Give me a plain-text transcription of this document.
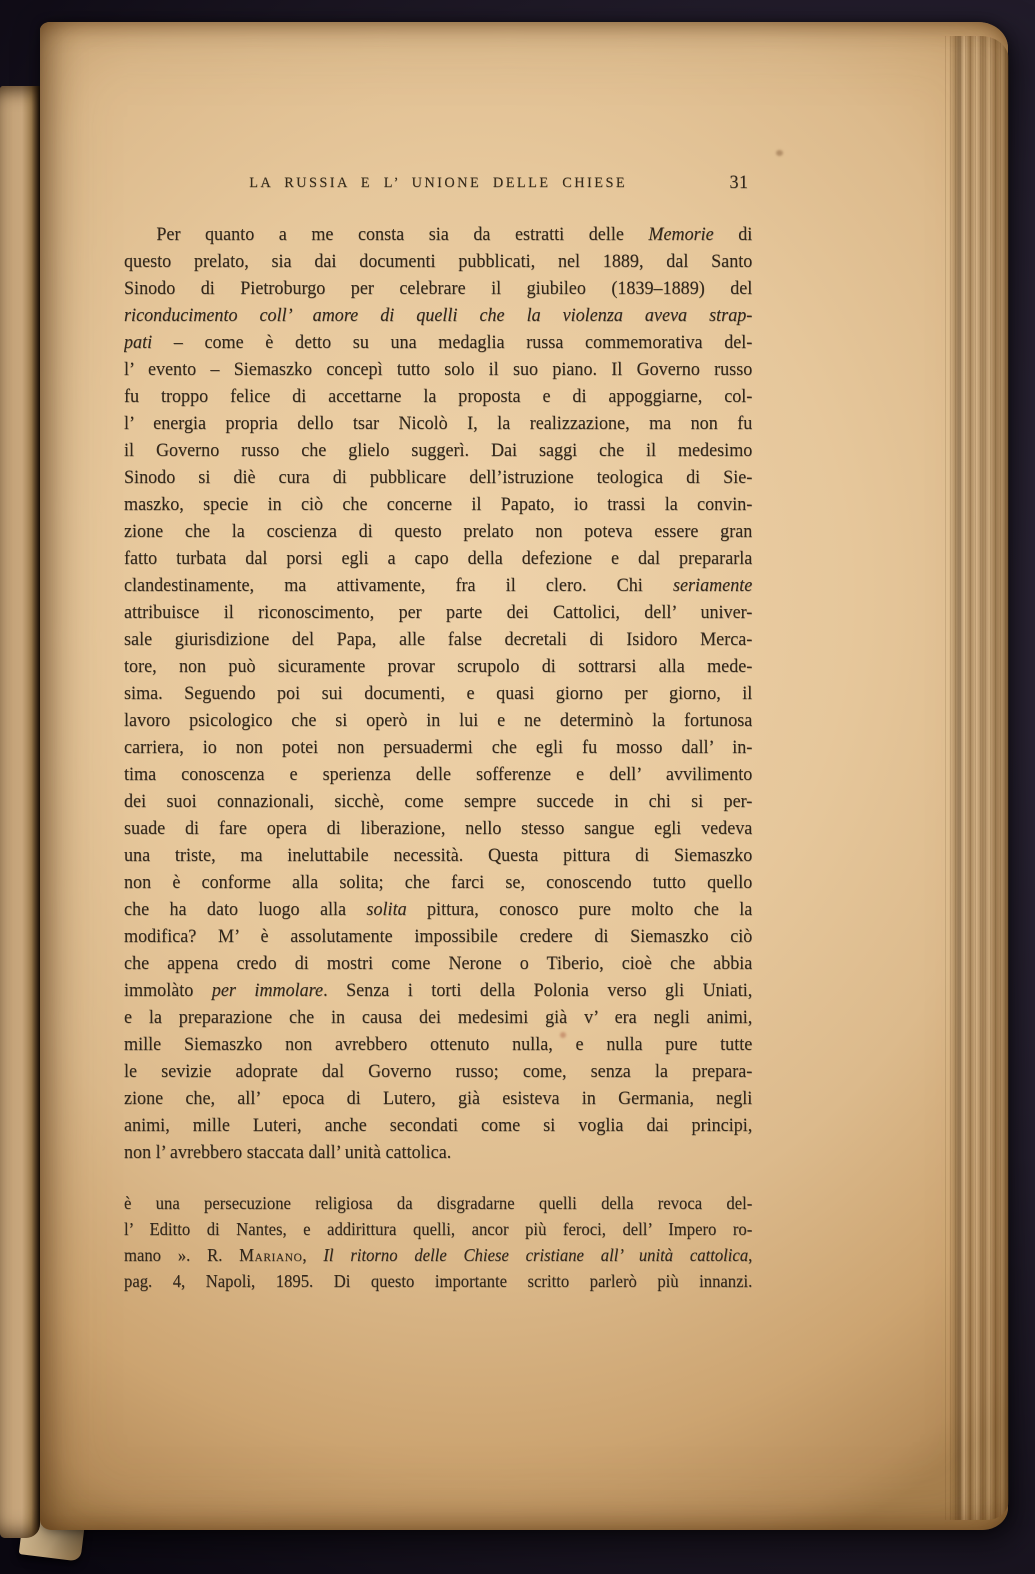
LA RUSSIA E L’ UNIONE DELLE CHIESE	31
Per quanto a me consta sia da estratti delle Memorie di
questo prelato, sia dai documenti pubblicati, nel 1889, dal Santo
Sinodo di Pietroburgo per celebrare il giubileo (1839–1889) del
riconducimento coll’ amore di quelli che la violenza aveva strap-
pati – come è detto su una medaglia russa commemorativa del-
l’ evento – Siemaszko concepì tutto solo il suo piano. Il Governo russo
fu troppo felice di accettarne la proposta e di appoggiarne, col-
l’ energia propria dello tsar Nicolò I, la realizzazione, ma non fu
il Governo russo che glielo suggerì. Dai saggi che il medesimo
Sinodo si diè cura di pubblicare dell’istruzione teologica di Sie-
maszko, specie in ciò che concerne il Papato, io trassi la convin-
zione che la coscienza di questo prelato non poteva essere gran
fatto turbata dal porsi egli a capo della defezione e dal prepararla
clandestinamente, ma attivamente, fra il clero. Chi seriamente
attribuisce il riconoscimento, per parte dei Cattolici, dell’ univer-
sale giurisdizione del Papa, alle false decretali di Isidoro Merca-
tore, non può sicuramente provar scrupolo di sottrarsi alla mede-
sima. Seguendo poi sui documenti, e quasi giorno per giorno, il
lavoro psicologico che si operò in lui e ne determinò la fortunosa
carriera, io non potei non persuadermi che egli fu mosso dall’ in-
tima conoscenza e sperienza delle sofferenze e dell’ avvilimento
dei suoi connazionali, sicchè, come sempre succede in chi si per-
suade di fare opera di liberazione, nello stesso sangue egli vedeva
una triste, ma ineluttabile necessità. Questa pittura di Siemaszko
non è conforme alla solita; che farci se, conoscendo tutto quello
che ha dato luogo alla solita pittura, conosco pure molto che la
modifica? M’ è assolutamente impossibile credere di Siemaszko ciò
che appena credo di mostri come Nerone o Tiberio, cioè che abbia
immolàto per immolare. Senza i torti della Polonia verso gli Uniati,
e la preparazione che in causa dei medesimi già v’ era negli animi,
mille Siemaszko non avrebbero ottenuto nulla, e nulla pure tutte
le sevizie adoprate dal Governo russo; come, senza la prepara-
zione che, all’ epoca di Lutero, già esisteva in Germania, negli
animi, mille Luteri, anche secondati come si voglia dai principi,
non l’ avrebbero staccata dall’ unità cattolica.
è una persecuzione religiosa da disgradarne quelli della revoca del-
l’ Editto di Nantes, e addirittura quelli, ancor più feroci, dell’ Impero ro-
mano ». R. Mariano, Il ritorno delle Chiese cristiane all’ unità cattolica,
pag. 4, Napoli, 1895. Di questo importante scritto parlerò più innanzi.
